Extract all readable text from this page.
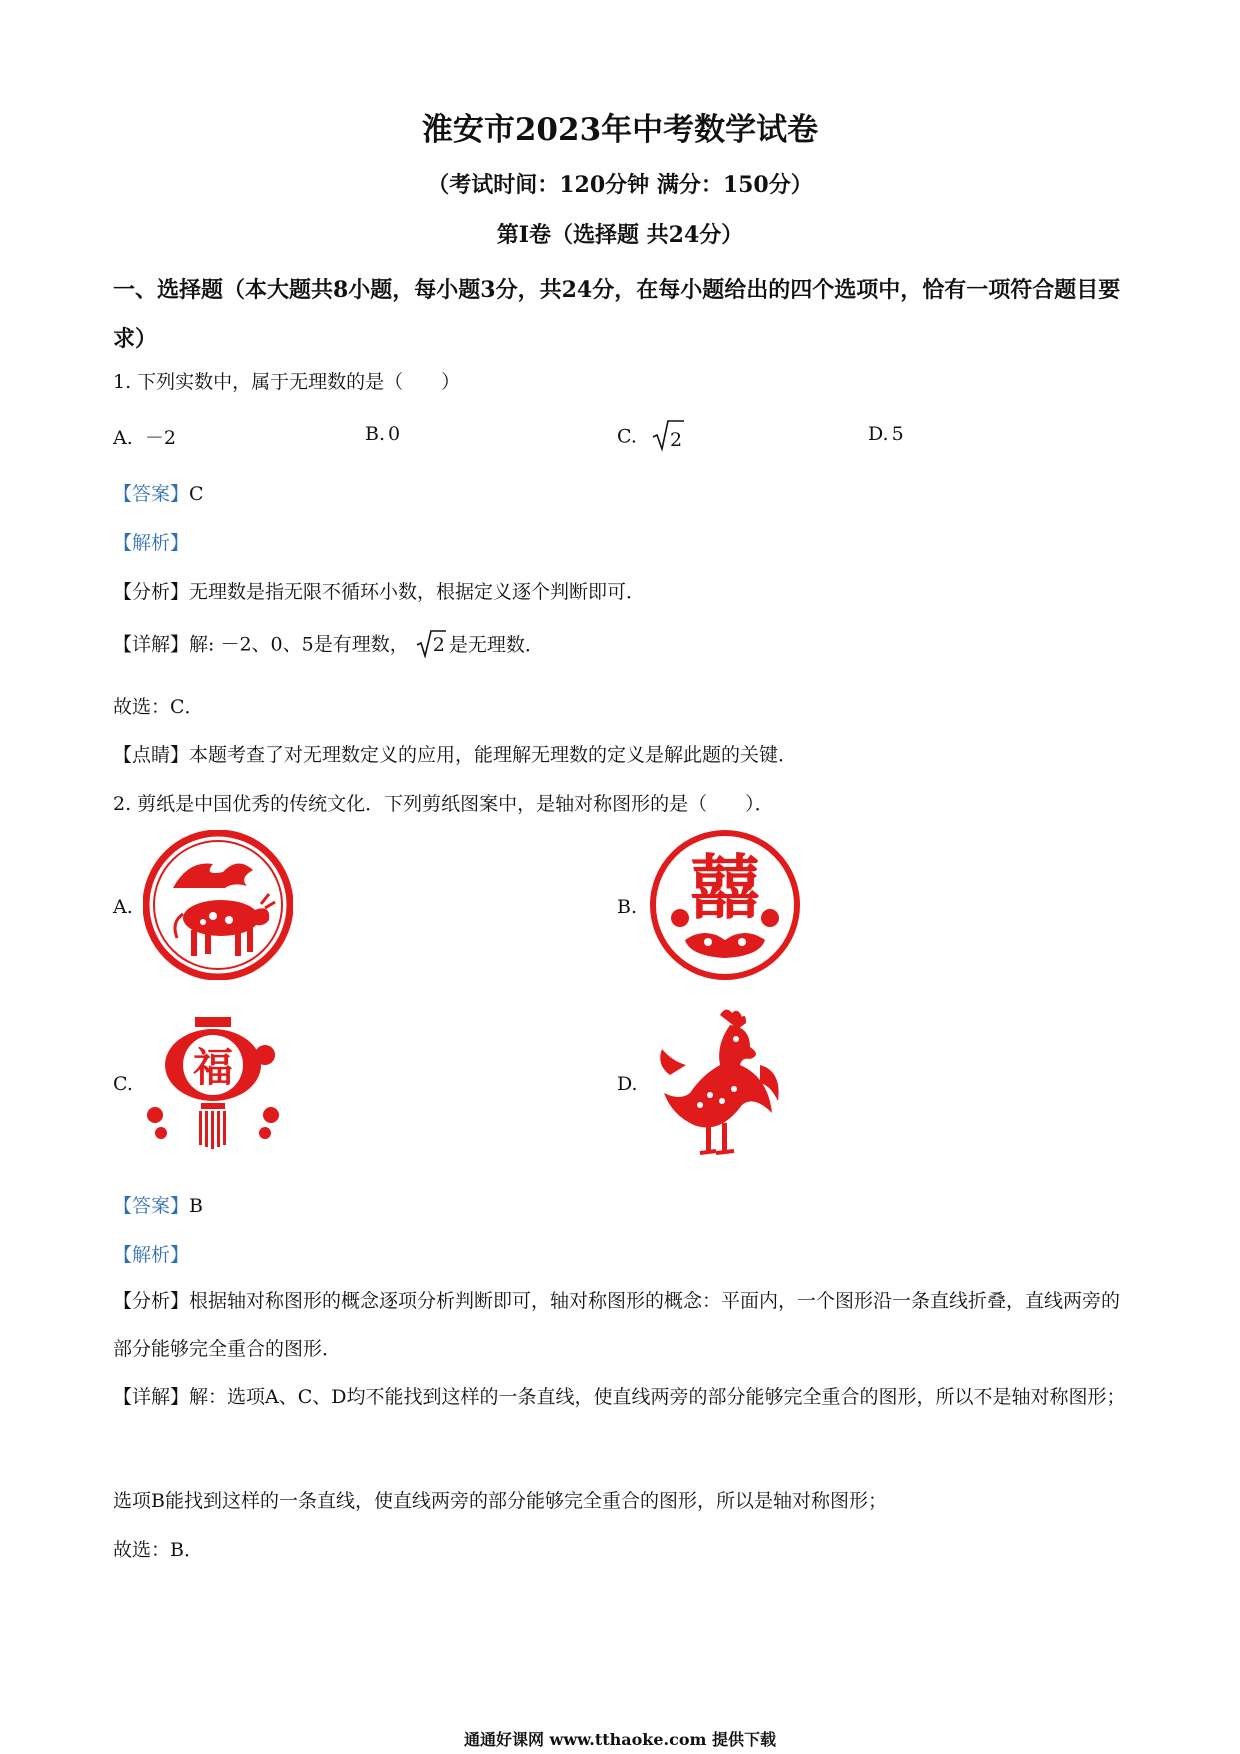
淮安市2023年中考数学试卷
（考试时间：120分钟 满分：150分）
第Ⅰ卷（选择题 共24分）
一、选择题（本大题共8小题，每小题3分，共24分，在每小题给出的四个选项中，恰有一项符合题目要求）
1. 下列实数中，属于无理数的是（　　）
A. －2	B. 0	C. 2	D. 5
【答案】C
【解析】
【分析】无理数是指无限不循环小数，根据定义逐个判断即可．
【详解】解: －2、0、5是有理数， 2 是无理数．
故选：C．
【点睛】本题考查了对无理数定义的应用，能理解无理数的定义是解此题的关键．
2. 剪纸是中国优秀的传统文化．下列剪纸图案中，是轴对称图形的是（　　）．
A.	B. 囍
C. 福	D.
【答案】B
【解析】
【分析】根据轴对称图形的概念逐项分析判断即可，轴对称图形的概念：平面内，一个图形沿一条直线折叠，直线两旁的部分能够完全重合的图形．
【详解】解：选项A、C、D均不能找到这样的一条直线，使直线两旁的部分能够完全重合的图形，所以不是轴对称图形；
选项B能找到这样的一条直线，使直线两旁的部分能够完全重合的图形，所以是轴对称图形；
故选：B．
通通好课网 www.tthaoke.com 提供下载
